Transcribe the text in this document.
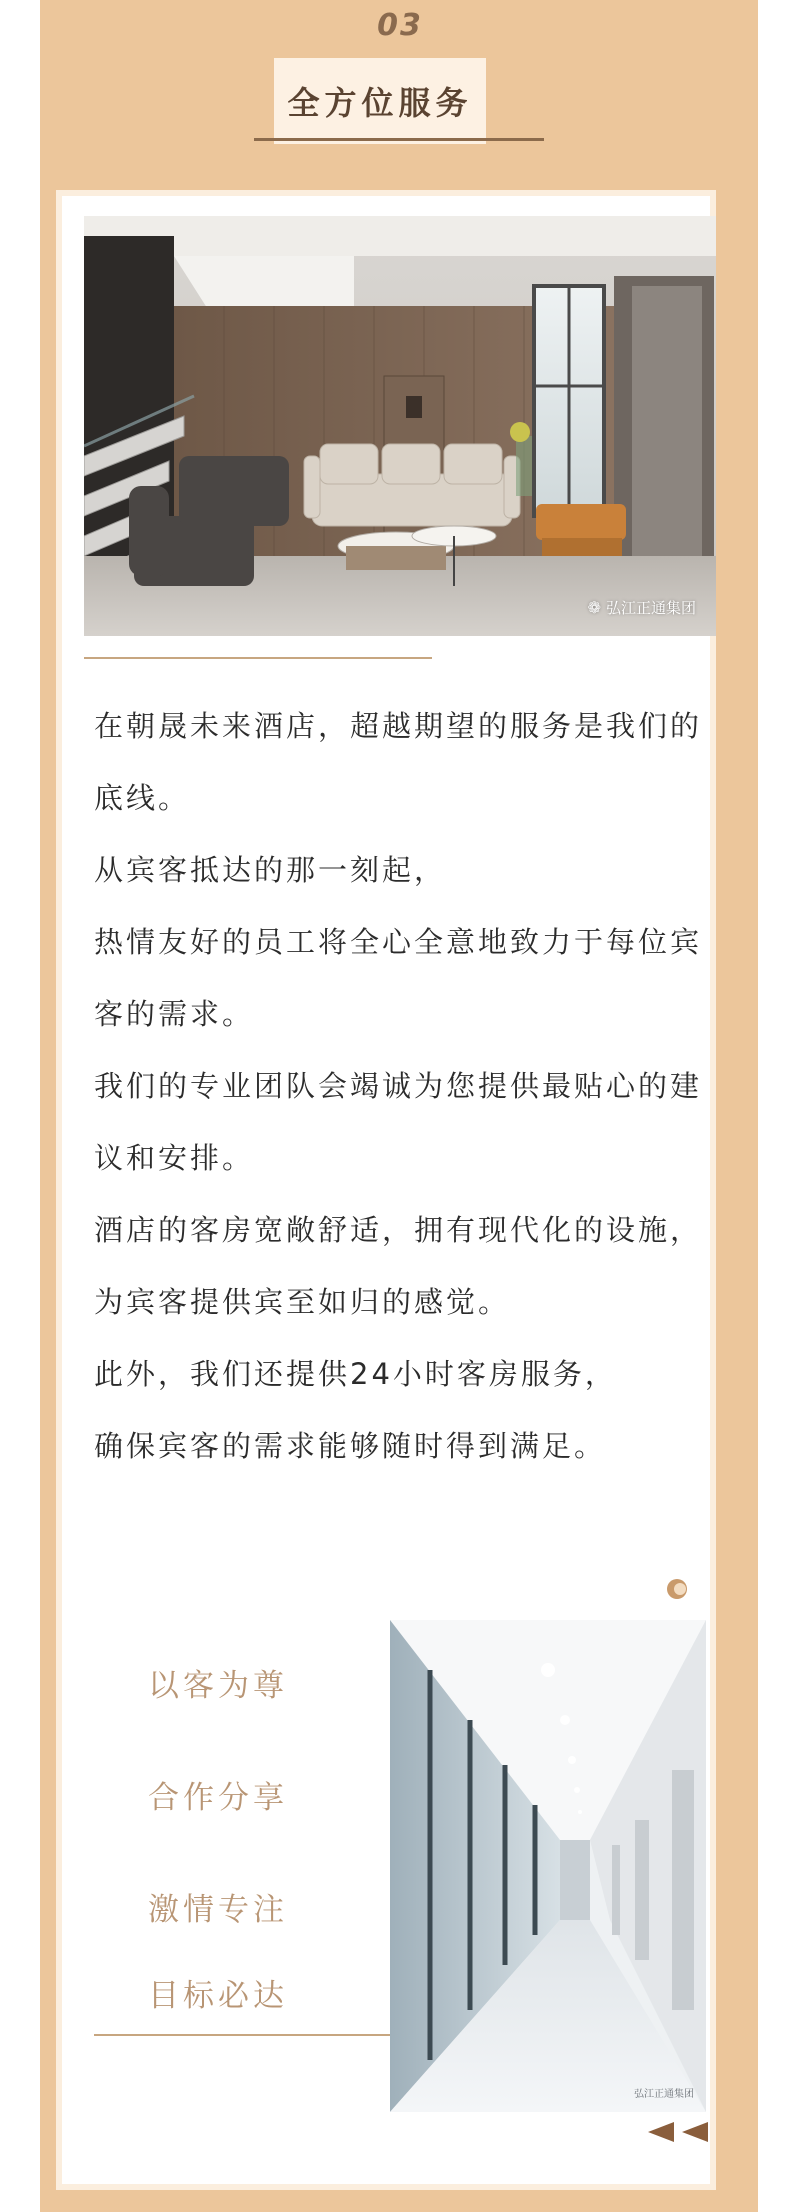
03
全方位服务
❁ 弘江正通集团

在朝晟未来酒店，超越期望的服务是我们的底线。

从宾客抵达的那一刻起，

热情友好的员工将全心全意地致力于每位宾客的需求。

我们的专业团队会竭诚为您提供最贴心的建议和安排。

酒店的客房宽敞舒适，拥有现代化的设施，

为宾客提供宾至如归的感觉。

此外，我们还提供24小时客房服务，

确保宾客的需求能够随时得到满足。

以客为尊
合作分享
激情专注
目标必达
弘江正通集团
